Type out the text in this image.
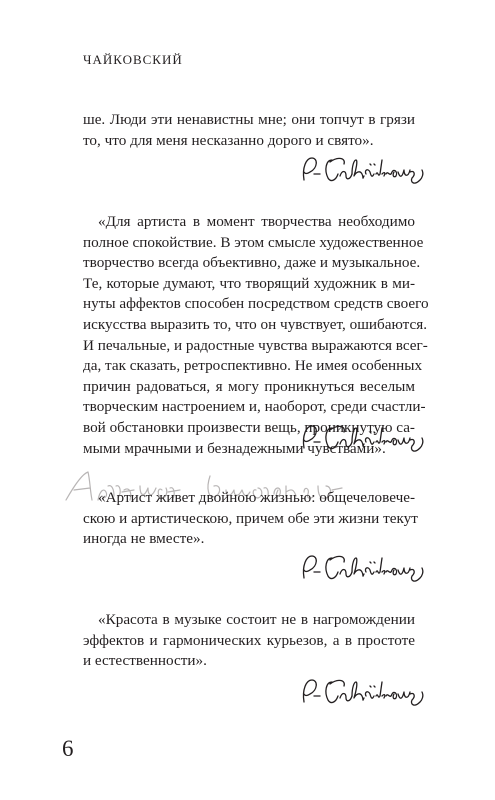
ЧАЙКОВСКИЙ
ше. Люди эти ненавистны мне; они топчут в грязи
то, что для меня несказанно дорого и свято».
«Для артиста в момент творчества необходимо
полное спокойствие. В этом смысле художественное
творчество всегда объективно, даже и музыкальное.
Те, которые думают, что творящий художник в ми-
нуты аффектов способен посредством средств своего
искусства выразить то, что он чувствует, ошибаются.
И печальные, и радостные чувства выражаются всег-
да, так сказать, ретроспективно. Не имея особенных
причин радоваться, я могу проникнуться веселым
творческим настроением и, наоборот, среди счастли-
вой обстановки произвести вещь, проникнутую са-
мыми мрачными и безнадежными чувствами».
«Артист живет двойною жизнью: общечеловече-
скою и артистическою, причем обе эти жизни текут
иногда не вместе».
«Красота в музыке состоит не в нагромождении
эффектов и гармонических курьезов, а в простоте
и естественности».
6
